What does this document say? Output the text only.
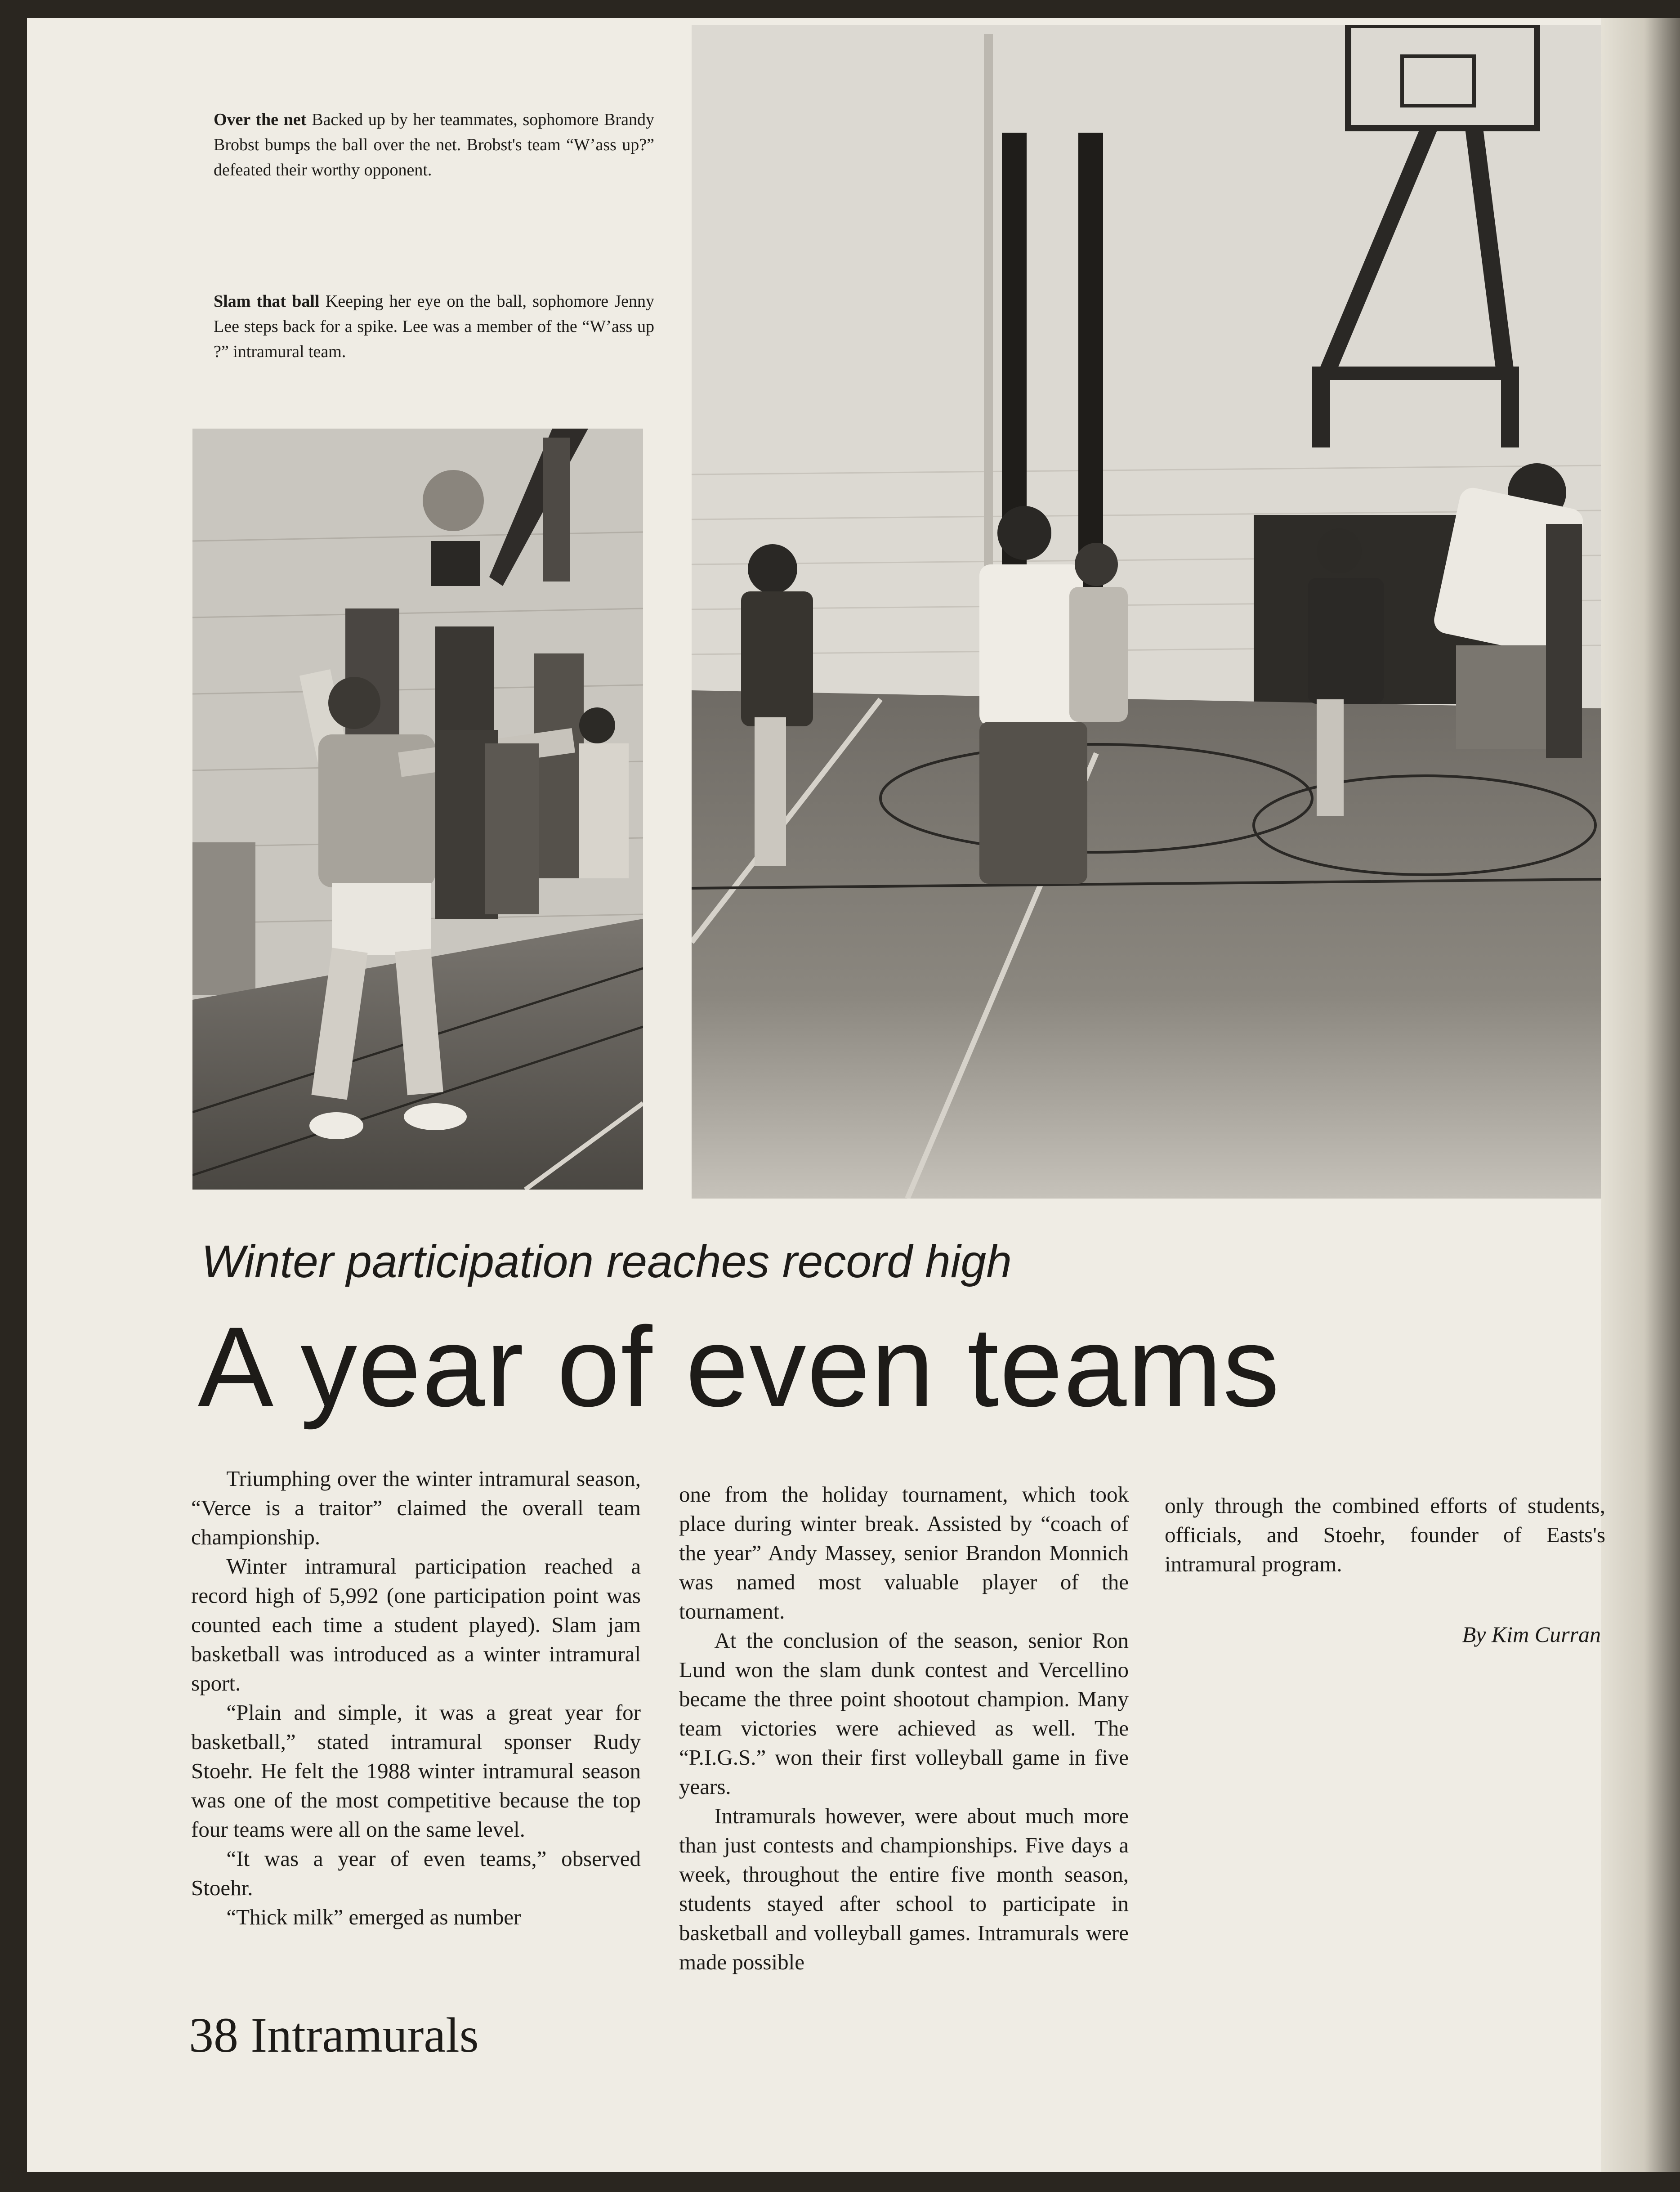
Over the net Backed up by her teammates, sophomore Brandy Brobst bumps the ball over the net. Brobst's team “W’ass up?” defeated their worthy opponent.
Slam that ball Keeping her eye on the ball, sophomore Jenny Lee steps back for a spike. Lee was a member of the “W’ass up ?” intramural team.
Winter participation reaches record high
A year of even teams

Triumphing over the winter intramural season, “Verce is a traitor” claimed the overall team championship.

Winter intramural participation reached a record high of 5,992 (one participation point was counted each time a student played). Slam jam basketball was introduced as a winter intramural sport.

“Plain and simple, it was a great year for basketball,” stated intramural sponser Rudy Stoehr. He felt the 1988 winter intramural season was one of the most competitive because the top four teams were all on the same level.

“It was a year of even teams,” observed Stoehr.

“Thick milk” emerged as number

one from the holiday tournament, which took place during winter break. Assisted by “coach of the year” Andy Massey, senior Brandon Monnich was named most valuable player of the tournament.

At the conclusion of the season, senior Ron Lund won the slam dunk contest and Vercellino became the three point shootout champion. Many team victories were achieved as well. The “P.I.G.S.” won their first volleyball game in five years.

Intramurals however, were about much more than just contests and championships. Five days a week, throughout the entire five month season, students stayed after school to participate in basketball and volleyball games. Intramurals were made possible

only through the combined efforts of students, officials, and Stoehr, founder of Easts's intramural program.

By Kim Curran
38 Intramurals
